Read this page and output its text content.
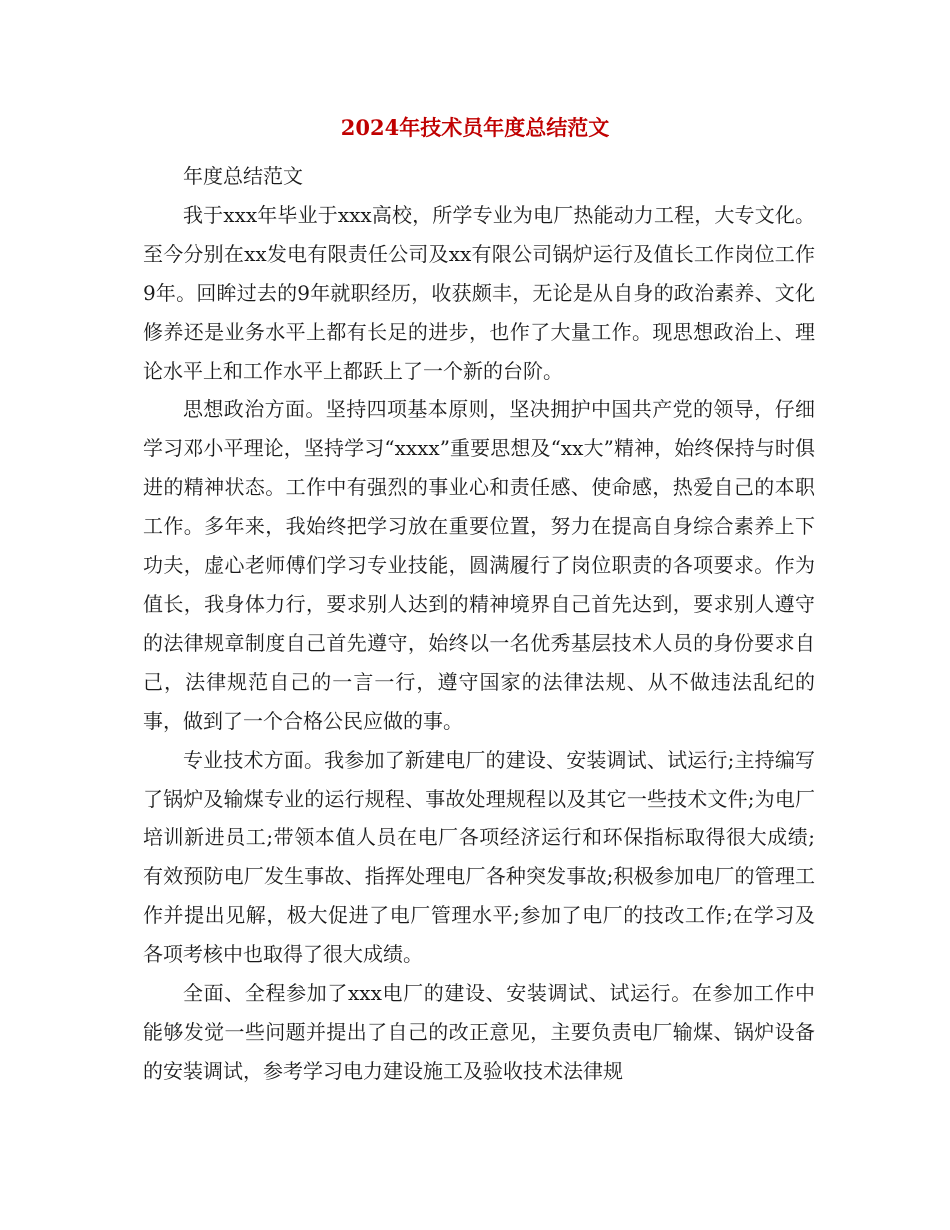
2024年技术员年度总结范文

年度总结范文

我于xxx年毕业于xxx高校，所学专业为电厂热能动力工程，大专文化。至今分别在xx发电有限责任公司及xx有限公司锅炉运行及值长工作岗位工作9年。回眸过去的9年就职经历，收获颇丰，无论是从自身的政治素养、文化修养还是业务水平上都有长足的进步，也作了大量工作。现思想政治上、理论水平上和工作水平上都跃上了一个新的台阶。

思想政治方面。坚持四项基本原则，坚决拥护中国共产党的领导，仔细学习邓小平理论，坚持学习“xxxx”重要思想及“xx大”精神，始终保持与时俱进的精神状态。工作中有强烈的事业心和责任感、使命感，热爱自己的本职工作。多年来，我始终把学习放在重要位置，努力在提高自身综合素养上下功夫，虚心老师傅们学习专业技能，圆满履行了岗位职责的各项要求。作为值长，我身体力行，要求别人达到的精神境界自己首先达到，要求别人遵守的法律规章制度自己首先遵守，始终以一名优秀基层技术人员的身份要求自己，法律规范自己的一言一行，遵守国家的法律法规、从不做违法乱纪的事，做到了一个合格公民应做的事。

专业技术方面。我参加了新建电厂的建设、安装调试、试运行;主持编写了锅炉及输煤专业的运行规程、事故处理规程以及其它一些技术文件;为电厂培训新进员工;带领本值人员在电厂各项经济运行和环保指标取得很大成绩;有效预防电厂发生事故、指挥处理电厂各种突发事故;积极参加电厂的管理工作并提出见解，极大促进了电厂管理水平;参加了电厂的技改工作;在学习及各项考核中也取得了很大成绩。

全面、全程参加了xxx电厂的建设、安装调试、试运行。在参加工作中能够发觉一些问题并提出了自己的改正意见，主要负责电厂输煤、锅炉设备的安装调试，参考学习电力建设施工及验收技术法律规
